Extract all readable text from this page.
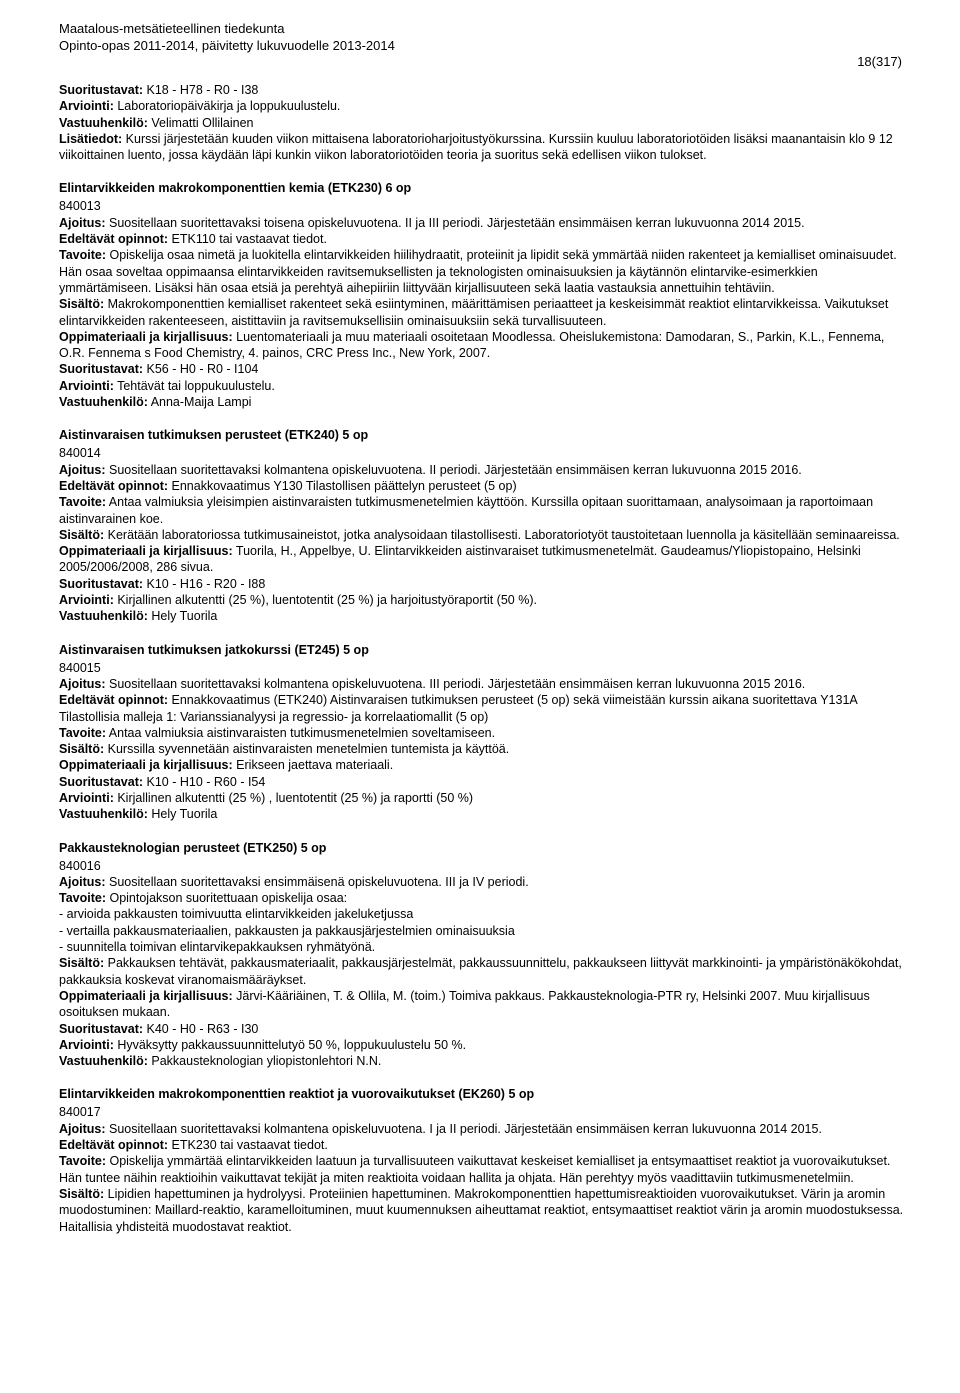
Maatalous-metsätieteellinen tiedekunta
Opinto-opas 2011-2014, päivitetty lukuvuodelle 2013-2014
18(317)

Suoritustavat: K18 - H78 - R0 - I38

Arviointi: Laboratoriopäiväkirja ja loppukuulustelu.

Vastuuhenkilö: Velimatti Ollilainen

Lisätiedot: Kurssi järjestetään kuuden viikon mittaisena laboratorioharjoitustyökurssina. Kurssiin kuuluu laboratoriotöiden lisäksi maanantaisin klo 9 12 viikoittainen luento, jossa käydään läpi kunkin viikon laboratoriotöiden teoria ja suoritus sekä edellisen viikon tulokset.

Elintarvikkeiden makrokomponenttien kemia (ETK230) 6 op

840013

Ajoitus: Suositellaan suoritettavaksi toisena opiskeluvuotena. II ja III periodi. Järjestetään ensimmäisen kerran lukuvuonna 2014 2015.

Edeltävät opinnot: ETK110 tai vastaavat tiedot.

Tavoite: Opiskelija osaa nimetä ja luokitella elintarvikkeiden hiilihydraatit, proteiinit ja lipidit sekä ymmärtää niiden rakenteet ja kemialliset ominaisuudet. Hän osaa soveltaa oppimaansa elintarvikkeiden ravitsemuksellisten ja teknologisten ominaisuuksien ja käytännön elintarvike-esimerkkien ymmärtämiseen. Lisäksi hän osaa etsiä ja perehtyä aihepiiriin liittyvään kirjallisuuteen sekä laatia vastauksia annettuihin tehtäviin.

Sisältö: Makrokomponenttien kemialliset rakenteet sekä esiintyminen, määrittämisen periaatteet ja keskeisimmät reaktiot elintarvikkeissa. Vaikutukset elintarvikkeiden rakenteeseen, aistittaviin ja ravitsemuksellisiin ominaisuuksiin sekä turvallisuuteen.

Oppimateriaali ja kirjallisuus: Luentomateriaali ja muu materiaali osoitetaan Moodlessa. Oheislukemistona: Damodaran, S., Parkin, K.L., Fennema, O.R. Fennema s Food Chemistry, 4. painos, CRC Press Inc., New York, 2007.

Suoritustavat: K56 - H0 - R0 - I104

Arviointi: Tehtävät tai loppukuulustelu.

Vastuuhenkilö: Anna-Maija Lampi

Aistinvaraisen tutkimuksen perusteet (ETK240) 5 op

840014

Ajoitus: Suositellaan suoritettavaksi kolmantena opiskeluvuotena. II periodi. Järjestetään ensimmäisen kerran lukuvuonna 2015 2016.

Edeltävät opinnot: Ennakkovaatimus Y130 Tilastollisen päättelyn perusteet (5 op)

Tavoite: Antaa valmiuksia yleisimpien aistinvaraisten tutkimusmenetelmien käyttöön. Kurssilla opitaan suorittamaan, analysoimaan ja raportoimaan aistinvarainen koe.

Sisältö: Kerätään laboratoriossa tutkimusaineistot, jotka analysoidaan tilastollisesti. Laboratoriotyöt taustoitetaan luennolla ja käsitellään seminaareissa.

Oppimateriaali ja kirjallisuus: Tuorila, H., Appelbye, U. Elintarvikkeiden aistinvaraiset tutkimusmenetelmät. Gaudeamus/Yliopistopaino, Helsinki 2005/2006/2008, 286 sivua.

Suoritustavat: K10 - H16 - R20 - I88

Arviointi: Kirjallinen alkutentti (25 %), luentotentit (25 %) ja harjoitustyöraportit (50 %).

Vastuuhenkilö: Hely Tuorila

Aistinvaraisen tutkimuksen jatkokurssi (ET245) 5 op

840015

Ajoitus: Suositellaan suoritettavaksi kolmantena opiskeluvuotena. III periodi. Järjestetään ensimmäisen kerran lukuvuonna 2015 2016.

Edeltävät opinnot: Ennakkovaatimus (ETK240) Aistinvaraisen tutkimuksen perusteet (5 op) sekä viimeistään kurssin aikana suoritettava Y131A Tilastollisia malleja 1: Varianssianalyysi ja regressio- ja korrelaatiomallit (5 op)

Tavoite: Antaa valmiuksia aistinvaraisten tutkimusmenetelmien soveltamiseen.

Sisältö: Kurssilla syvennetään aistinvaraisten menetelmien tuntemista ja käyttöä.

Oppimateriaali ja kirjallisuus: Erikseen jaettava materiaali.

Suoritustavat: K10 - H10 - R60 - I54

Arviointi: Kirjallinen alkutentti (25 %) , luentotentit (25 %) ja raportti (50 %)

Vastuuhenkilö: Hely Tuorila

Pakkausteknologian perusteet (ETK250) 5 op

840016

Ajoitus: Suositellaan suoritettavaksi ensimmäisenä opiskeluvuotena. III ja IV periodi.

Tavoite: Opintojakson suoritettuaan opiskelija osaa:

- arvioida pakkausten toimivuutta elintarvikkeiden jakeluketjussa

- vertailla pakkausmateriaalien, pakkausten ja pakkausjärjestelmien ominaisuuksia

- suunnitella toimivan elintarvikepakkauksen ryhmätyönä.

Sisältö: Pakkauksen tehtävät, pakkausmateriaalit, pakkausjärjestelmät, pakkaussuunnittelu, pakkaukseen liittyvät markkinointi- ja ympäristönäkökohdat, pakkauksia koskevat viranomaismääräykset.

Oppimateriaali ja kirjallisuus: Järvi-Kääriäinen, T. & Ollila, M. (toim.) Toimiva pakkaus. Pakkausteknologia-PTR ry, Helsinki 2007. Muu kirjallisuus osoituksen mukaan.

Suoritustavat: K40 - H0 - R63 - I30

Arviointi: Hyväksytty pakkaussuunnittelutyö 50 %, loppukuulustelu 50 %.

Vastuuhenkilö: Pakkausteknologian yliopistonlehtori N.N.

Elintarvikkeiden makrokomponenttien reaktiot ja vuorovaikutukset (EK260) 5 op

840017

Ajoitus: Suositellaan suoritettavaksi kolmantena opiskeluvuotena. I ja II periodi. Järjestetään ensimmäisen kerran lukuvuonna 2014 2015.

Edeltävät opinnot: ETK230 tai vastaavat tiedot.

Tavoite: Opiskelija ymmärtää elintarvikkeiden laatuun ja turvallisuuteen vaikuttavat keskeiset kemialliset ja entsymaattiset reaktiot ja vuorovaikutukset. Hän tuntee näihin reaktioihin vaikuttavat tekijät ja miten reaktioita voidaan hallita ja ohjata. Hän perehtyy myös vaadittaviin tutkimusmenetelmiin.

Sisältö: Lipidien hapettuminen ja hydrolyysi. Proteiinien hapettuminen. Makrokomponenttien hapettumisreaktioiden vuorovaikutukset. Värin ja aromin muodostuminen: Maillard-reaktio, karamelloituminen, muut kuumennuksen aiheuttamat reaktiot, entsymaattiset reaktiot värin ja aromin muodostuksessa. Haitallisia yhdisteitä muodostavat reaktiot.
